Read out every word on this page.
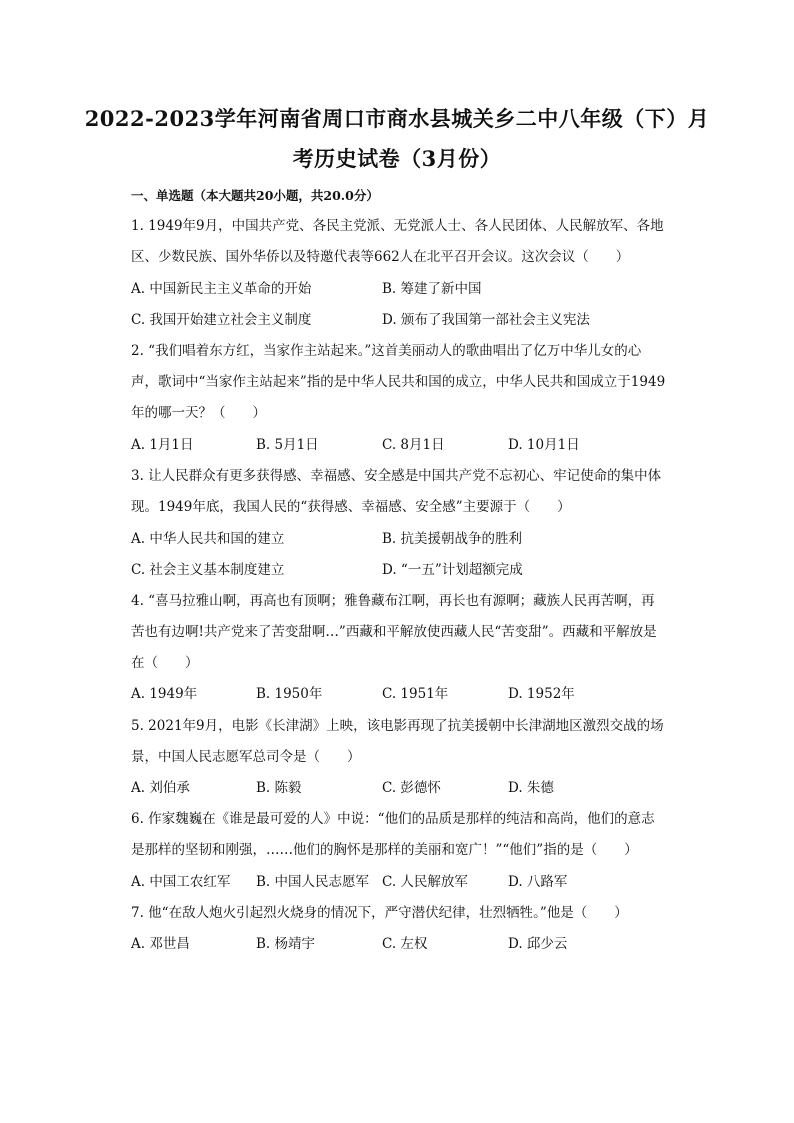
2022-2023学年河南省周口市商水县城关乡二中八年级（下）月
考历史试卷（3月份）
一、单选题（本大题共20小题，共20.0分）
1. 1949年9月，中国共产党、各民主党派、无党派人士、各人民团体、人民解放军、各地
区、少数民族、国外华侨以及特邀代表等662人在北平召开会议。这次会议（　　）
A. 中国新民主主义革命的开始	B. 筹建了新中国
C. 我国开始建立社会主义制度	D. 颁布了我国第一部社会主义宪法
2. “我们唱着东方红，当家作主站起来。”这首美丽动人的歌曲唱出了亿万中华儿女的心
声，歌词中“当家作主站起来”指的是中华人民共和国的成立，中华人民共和国成立于1949
年的哪一天？（　　）
A. 1月1日	B. 5月1日	C. 8月1日	D. 10月1日
3. 让人民群众有更多获得感、幸福感、安全感是中国共产党不忘初心、牢记使命的集中体
现。1949年底，我国人民的“获得感、幸福感、安全感”主要源于（　　）
A. 中华人民共和国的建立	B. 抗美援朝战争的胜利
C. 社会主义基本制度建立	D. “一五”计划超额完成
4. “喜马拉雅山啊，再高也有顶啊；雅鲁藏布江啊，再长也有源啊；藏族人民再苦啊，再
苦也有边啊!共产党来了苦变甜啊…”西藏和平解放使西藏人民“苦变甜”。西藏和平解放是
在（　　）
A. 1949年	B. 1950年	C. 1951年	D. 1952年
5. 2021年9月，电影《长津湖》上映，该电影再现了抗美援朝中长津湖地区激烈交战的场
景，中国人民志愿军总司令是（　　）
A. 刘伯承	B. 陈毅	C. 彭德怀	D. 朱德
6. 作家魏巍在《谁是最可爱的人》中说：“他们的品质是那样的纯洁和高尚，他们的意志
是那样的坚韧和刚强，……他们的胸怀是那样的美丽和宽广！”“他们”指的是（　　）
A. 中国工农红军 B. 中国人民志愿军 C. 人民解放军	D. 八路军
7. 他“在敌人炮火引起烈火烧身的情况下，严守潜伏纪律，壮烈牺牲。”他是（　　）
A. 邓世昌	B. 杨靖宇	C. 左权	D. 邱少云
